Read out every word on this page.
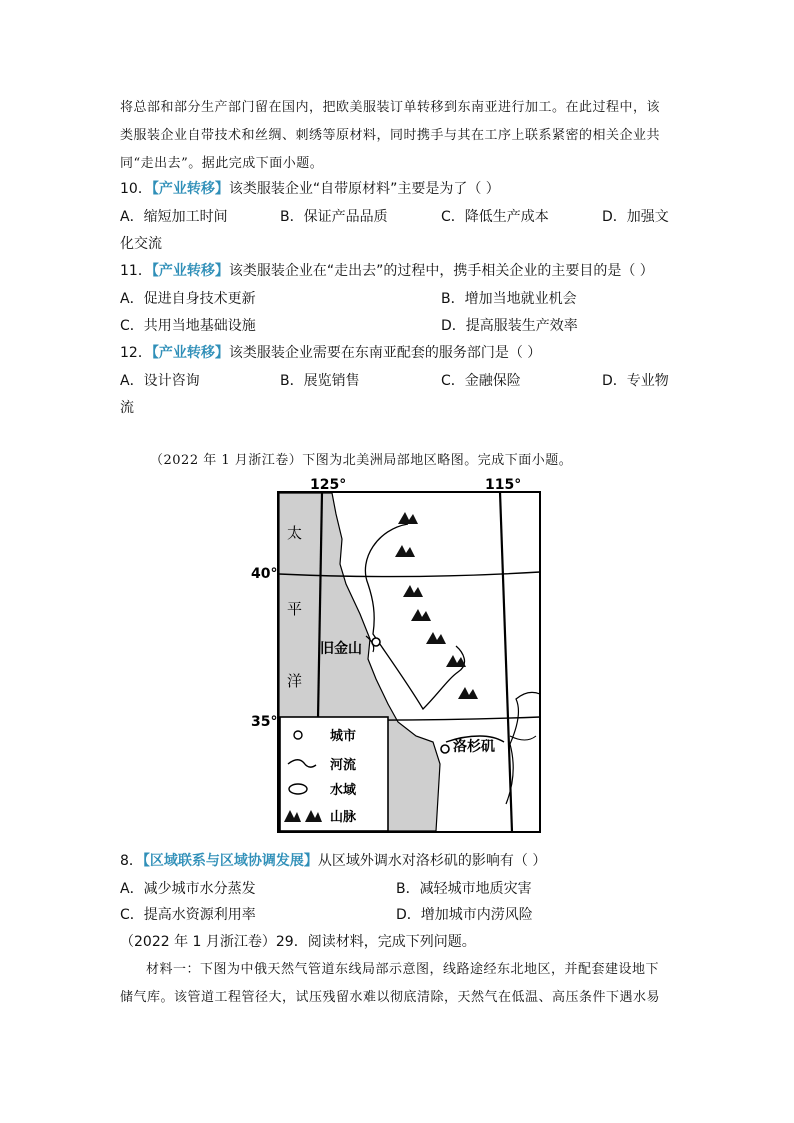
将总部和部分生产部门留在国内，把欧美服装订单转移到东南亚进行加工。在此过程中，该
类服装企业自带技术和丝绸、刺绣等原材料，同时携手与其在工序上联系紧密的相关企业共
同“走出去”。据此完成下面小题。
10．【产业转移】该类服装企业“自带原材料”主要是为了（ ）
A．缩短加工时间	B．保证产品品质	C．降低生产成本	D．加强文
化交流
11．【产业转移】该类服装企业在“走出去”的过程中，携手相关企业的主要目的是（ ）
A．促进自身技术更新	B．增加当地就业机会
C．共用当地基础设施	D．提高服装生产效率
12．【产业转移】该类服装企业需要在东南亚配套的服务部门是（ ）
A．设计咨询	B．展览销售	C．金融保险	D．专业物
流
（2022 年 1 月浙江卷）下图为北美洲局部地区略图。完成下面小题。
125°	115°
40°
35°
太
平
洋
旧金山
洛杉矶
城市
河流
水域
山脉
8．【区域联系与区域协调发展】从区域外调水对洛杉矶的影响有（ ）
A．减少城市水分蒸发	B．减轻城市地质灾害
C．提高水资源利用率	D．增加城市内涝风险
（2022 年 1 月浙江卷）29．阅读材料，完成下列问题。
材料一：下图为中俄天然气管道东线局部示意图，线路途经东北地区，并配套建设地下
储气库。该管道工程管径大，试压残留水难以彻底清除，天然气在低温、高压条件下遇水易
